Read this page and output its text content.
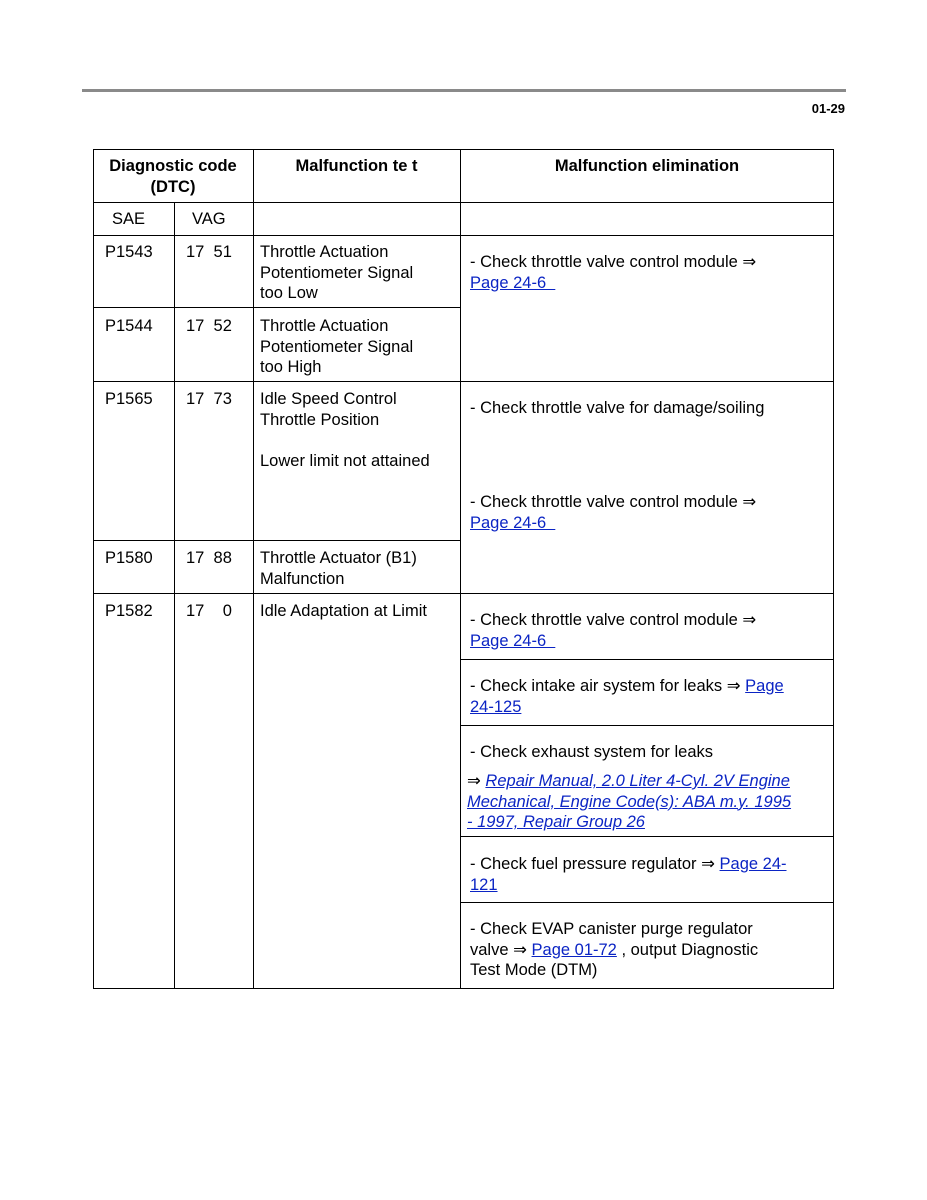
01-29
Diagnostic code
(DTC)
Malfunction te t	Malfunction elimination
SAE	VAG
P1543 17  51 Throttle Actuation
Potentiometer Signal
too Low
P1544 17  52 Throttle Actuation
Potentiometer Signal
too High
P1565 17  73 Idle Speed Control
Throttle Position
Lower limit not attained
P1580 17  88 Throttle Actuator (B1)
Malfunction
P1582 17    0 Idle Adaptation at Limit
- Check throttle valve control module ⇒
Page 24-6
- Check throttle valve for damage/soiling
- Check throttle valve control module ⇒
Page 24-6
- Check throttle valve control module ⇒
Page 24-6
- Check intake air system for leaks ⇒ Page
24-125
- Check exhaust system for leaks
⇒ Repair Manual, 2.0 Liter 4-Cyl. 2V Engine
Mechanical, Engine Code(s): ABA m.y. 1995
- 1997, Repair Group 26
- Check fuel pressure regulator ⇒ Page 24-
121
- Check EVAP canister purge regulator
valve ⇒ Page 01-72 , output Diagnostic
Test Mode (DTM)
